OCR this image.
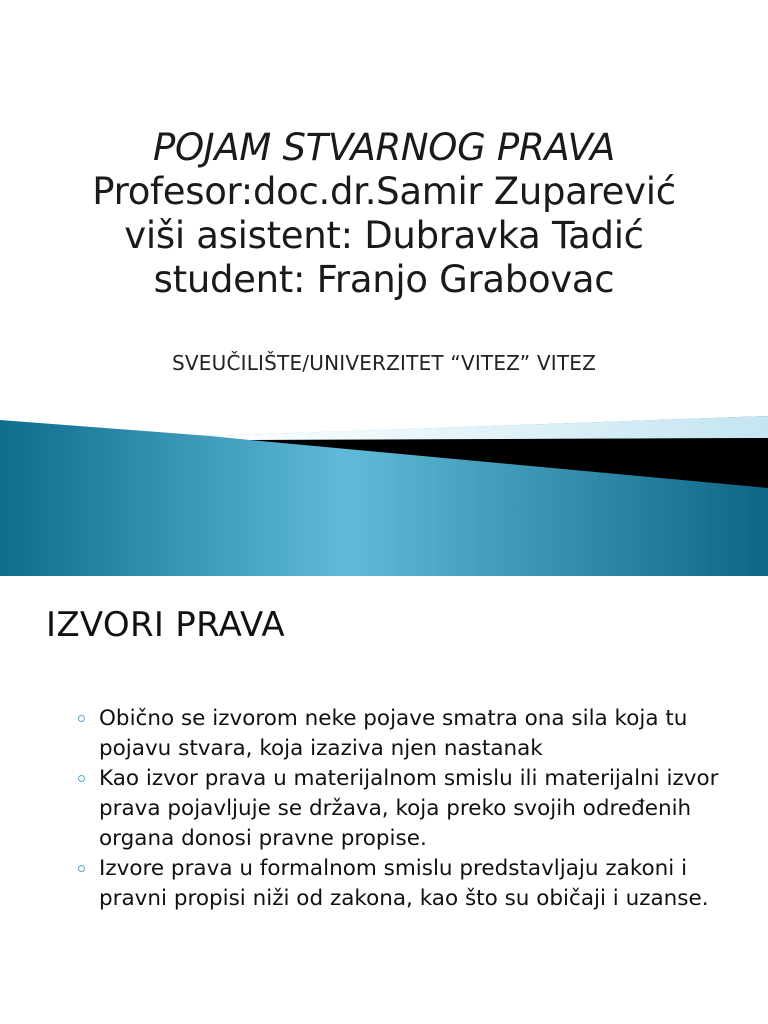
POJAM STVARNOG PRAVA
Profesor:doc.dr.Samir Zuparević
viši asistent: Dubravka Tadić
student: Franjo Grabovac
SVEUČILIŠTE/UNIVERZITET “VITEZ” VITEZ
IZVORI PRAVA
Obično se izvorom neke pojave smatra ona sila koja tu pojavu stvara, koja izaziva njen nastanak
Kao izvor prava u materijalnom smislu ili materijalni izvor prava pojavljuje se država, koja preko svojih određenih organa donosi pravne propise.
Izvore prava u formalnom smislu predstavljaju zakoni i pravni propisi niži od zakona, kao što su običaji i uzanse.
